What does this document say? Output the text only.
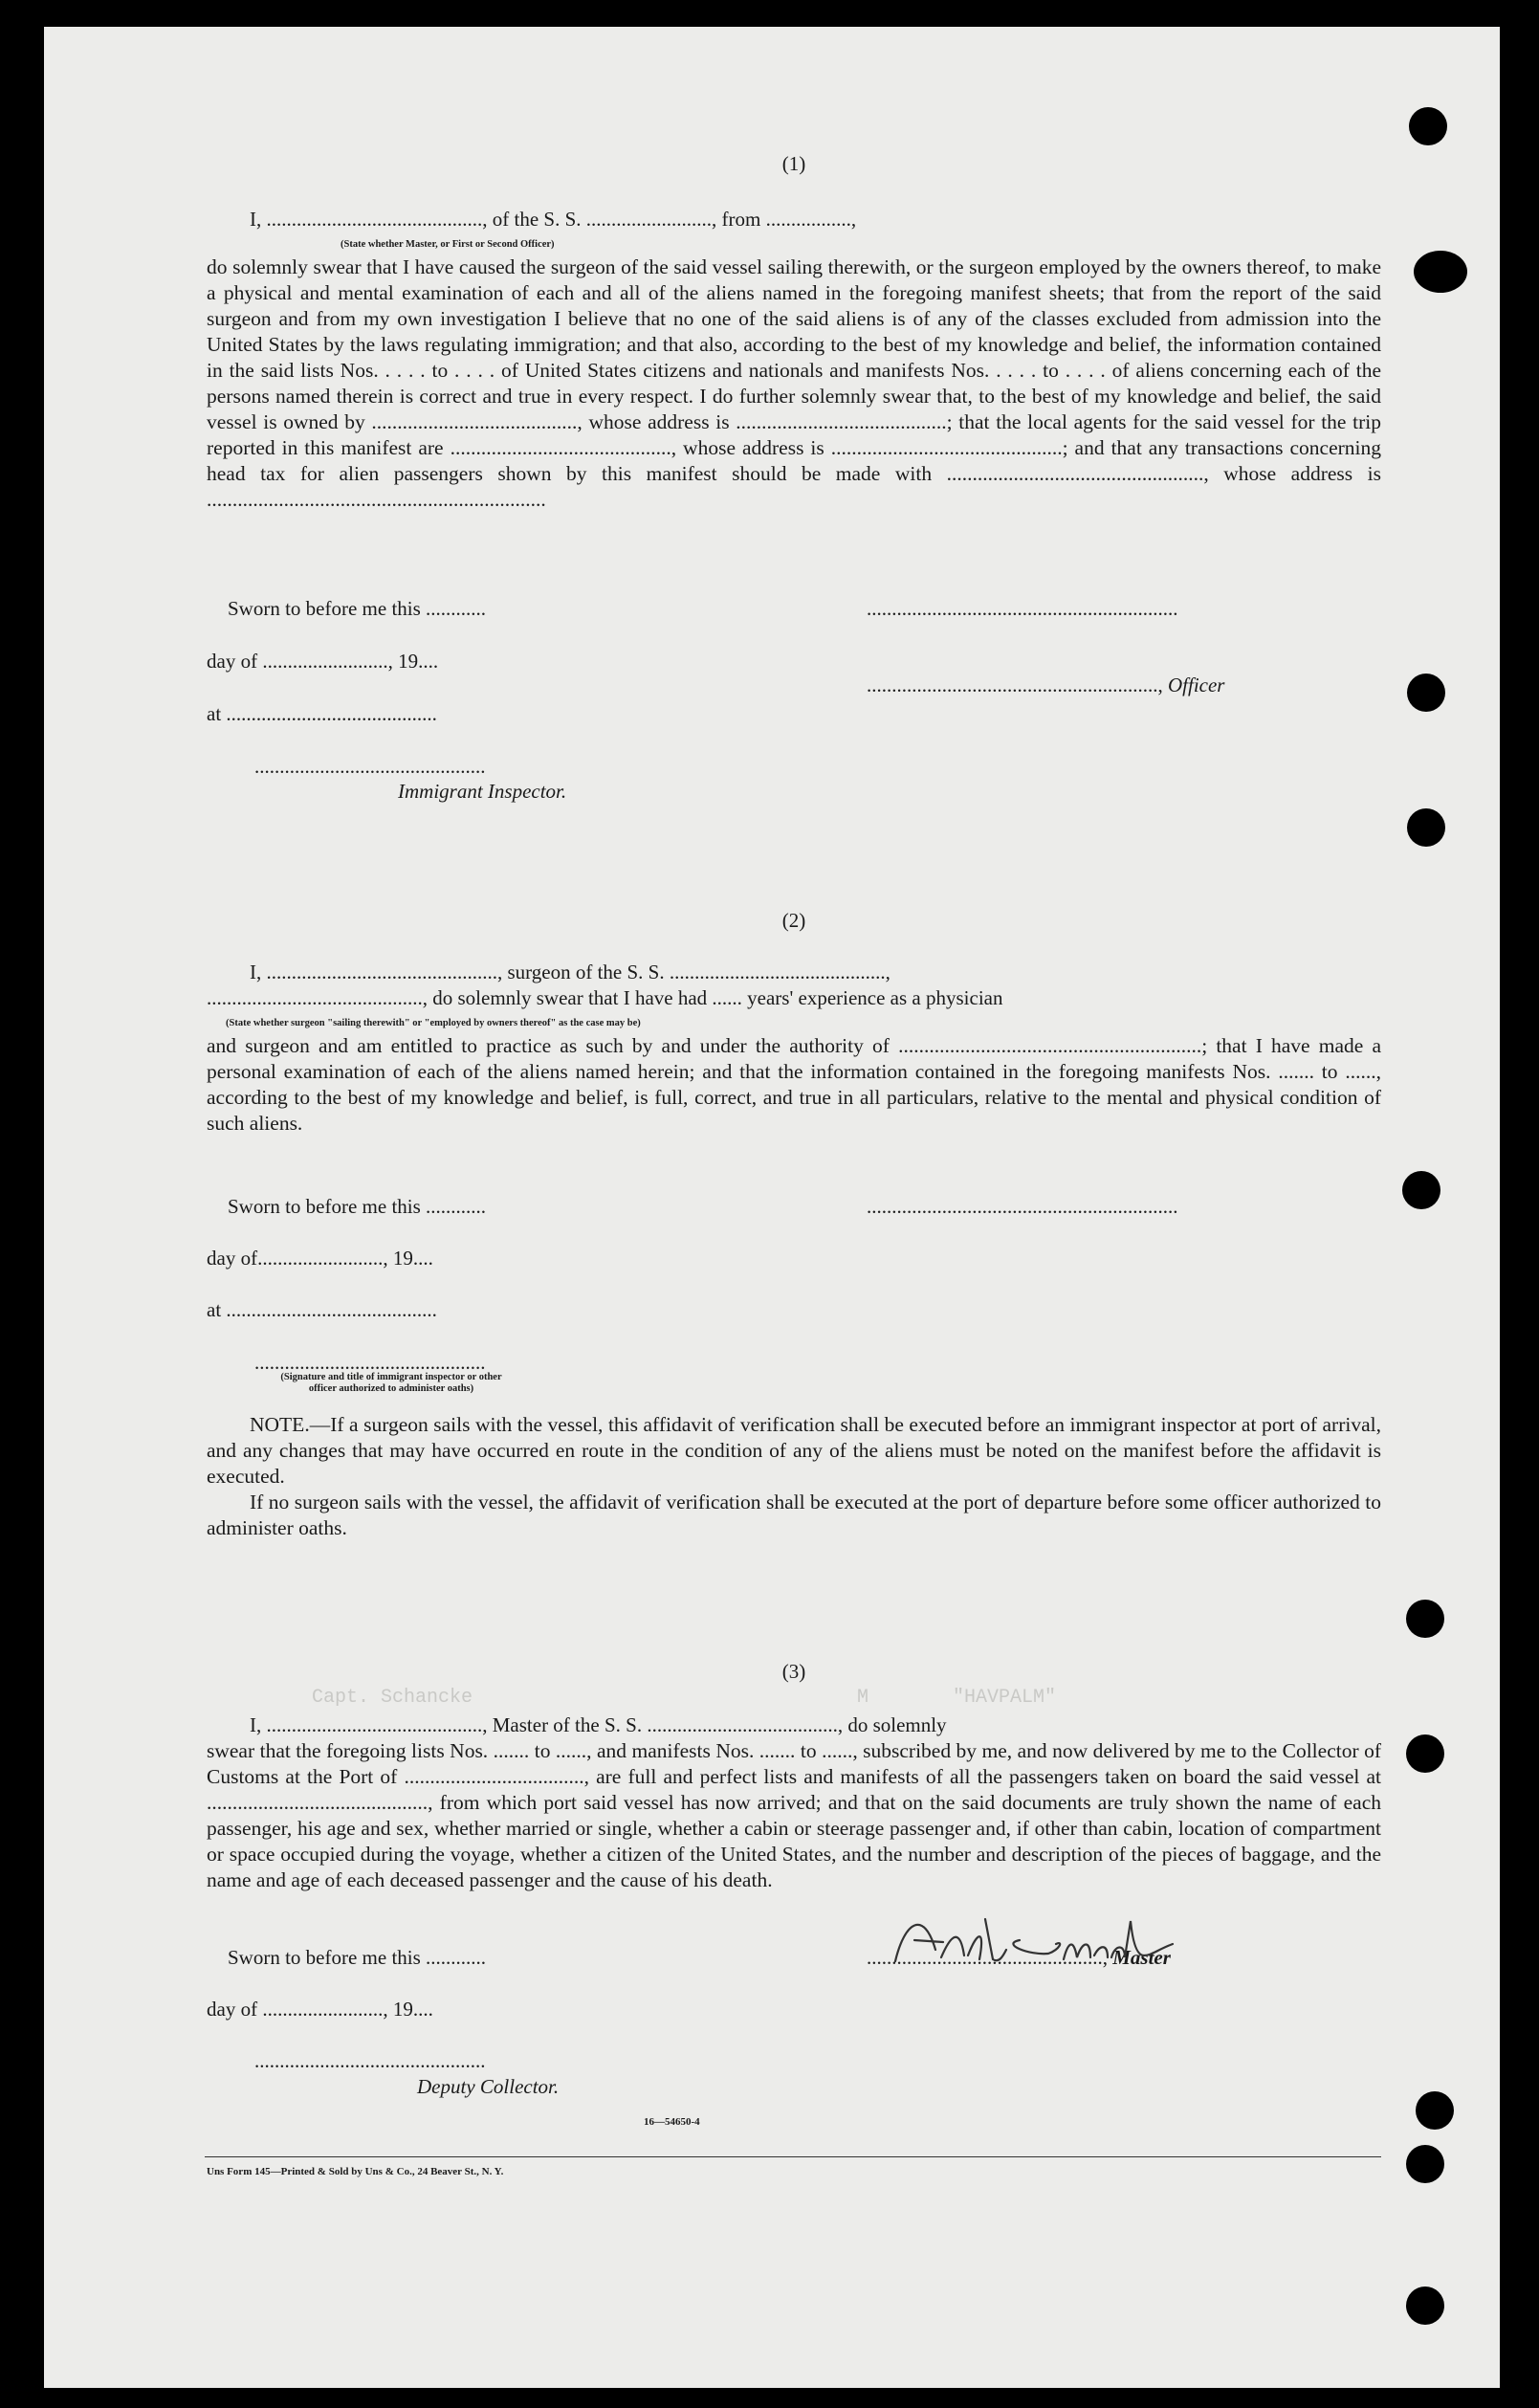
(1)
I, ..........................................., of the S. S. ........................., from .................,
(State whether Master, or First or Second Officer)
do solemnly swear that I have caused the surgeon of the said vessel sailing therewith, or the surgeon employed by the owners thereof, to make a physical and mental examination of each and all of the aliens named in the foregoing manifest sheets; that from the report of the said surgeon and from my own investigation I believe that no one of the said aliens is of any of the classes excluded from admission into the United States by the laws regulating immigration; and that also, according to the best of my knowledge and belief, the information contained in the said lists Nos. . . . . to . . . . of United States citizens and nationals and manifests Nos. . . . . to . . . . of aliens concerning each of the persons named therein is correct and true in every respect. I do further solemnly swear that, to the best of my knowledge and belief, the said vessel is owned by ........................................, whose address is .........................................; that the local agents for the said vessel for the trip reported in this manifest are ..........................................., whose address is .............................................; and that any transactions concerning head tax for alien passengers shown by this manifest should be made with .................................................., whose address is ..................................................................
Sworn to before me this ............	..............................................................
day of ........................., 19....
.........................................................., Officer
at ..........................................
..............................................
Immigrant Inspector.
(2)
I, .............................................., surgeon of the S. S. ...........................................,
..........................................., do solemnly swear that I have had ...... years' experience as a physician
(State whether surgeon "sailing therewith" or "employed by owners thereof" as the case may be)
and surgeon and am entitled to practice as such by and under the authority of ...........................................................; that I have made a personal examination of each of the aliens named herein; and that the information contained in the foregoing manifests Nos. ....... to ......, according to the best of my knowledge and belief, is full, correct, and true in all particulars, relative to the mental and physical condition of such aliens.
Sworn to before me this ............	..............................................................
day of........................., 19....
at ..........................................
..............................................
(Signature and title of immigrant inspector or other officer authorized to administer oaths)
NOTE.—If a surgeon sails with the vessel, this affidavit of verification shall be executed before an immigrant inspector at port of arrival, and any changes that may have occurred en route in the condition of any of the aliens must be noted on the manifest before the affidavit is executed.
If no surgeon sails with the vessel, the affidavit of verification shall be executed at the port of departure before some officer authorized to administer oaths.
(3)
Capt. Schancke	M	"HAVPALM"
I, ..........................................., Master of the S. S. ......................................, do solemnly
swear that the foregoing lists Nos. ....... to ......, and manifests Nos. ....... to ......, subscribed by me, and now delivered by me to the Collector of Customs at the Port of ..................................., are full and perfect lists and manifests of all the passengers taken on board the said vessel at ..........................................., from which port said vessel has now arrived; and that on the said documents are truly shown the name of each passenger, his age and sex, whether married or single, whether a cabin or steerage passenger and, if other than cabin, location of compartment or space occupied during the voyage, whether a citizen of the United States, and the number and description of the pieces of baggage, and the name and age of each deceased passenger and the cause of his death.
Sworn to before me this ............	..............................................., Master
day of ........................, 19....
..............................................
Deputy Collector.
16—54650-4
Uns Form 145—Printed & Sold by Uns & Co., 24 Beaver St., N. Y.
